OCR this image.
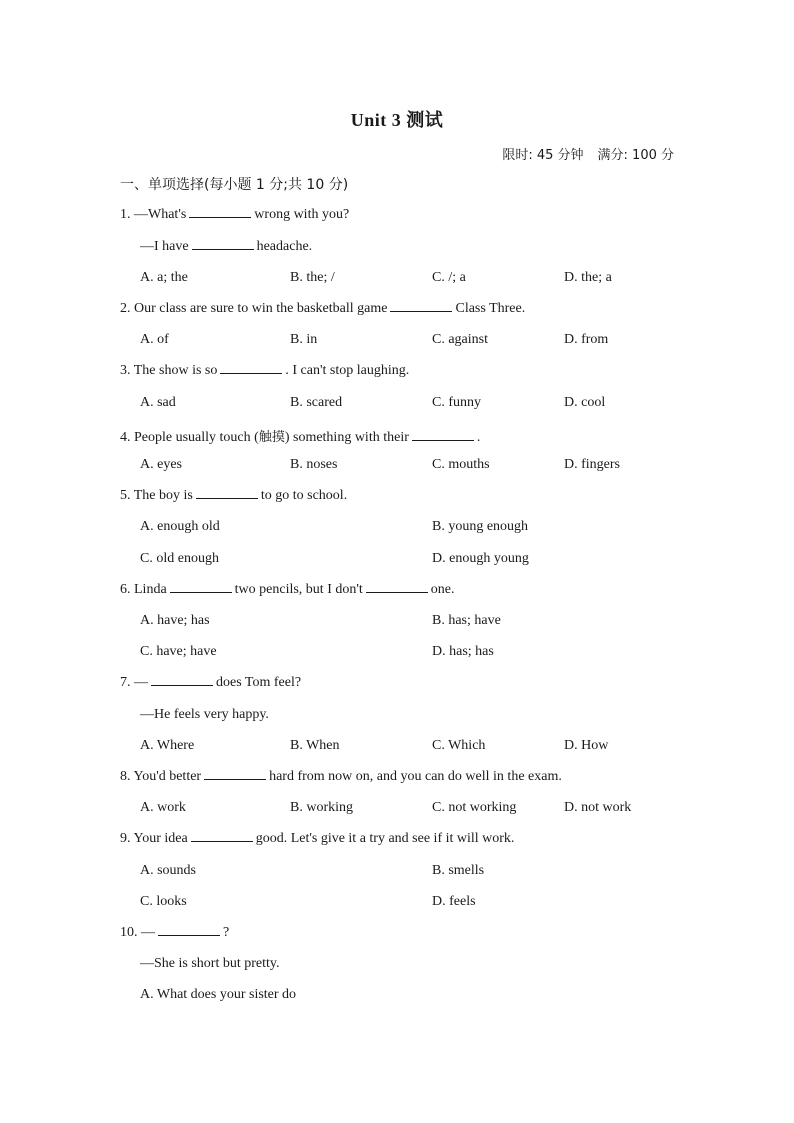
Unit 3 测试
限时: 45 分钟 满分: 100 分
一、单项选择(每小题 1 分;共 10 分)
1. —What's	wrong with you?
—I have	headache.
A. a; the	B. the; /	C. /; a	D. the; a
2. Our class are sure to win the basketball game	Class Three.
A. of	B. in	C. against	D. from
3. The show is so	. I can't stop laughing.
A. sad	B. scared	C. funny	D. cool
4. People usually touch (触摸) something with their	.
A. eyes	B. noses	C. mouths	D. fingers
5. The boy is	to go to school.
A. enough old	B. young enough
C. old enough	D. enough young
6. Linda	two pencils, but I don't	one.
A. have; has	B. has; have
C. have; have	D. has; has
7. —	does Tom feel?
—He feels very happy.
A. Where	B. When	C. Which	D. How
8. You'd better	hard from now on, and you can do well in the exam.
A. work	B. working	C. not working	D. not work
9. Your idea	good. Let's give it a try and see if it will work.
A. sounds	B. smells
C. looks	D. feels
10. —	?
—She is short but pretty.
A. What does your sister do
